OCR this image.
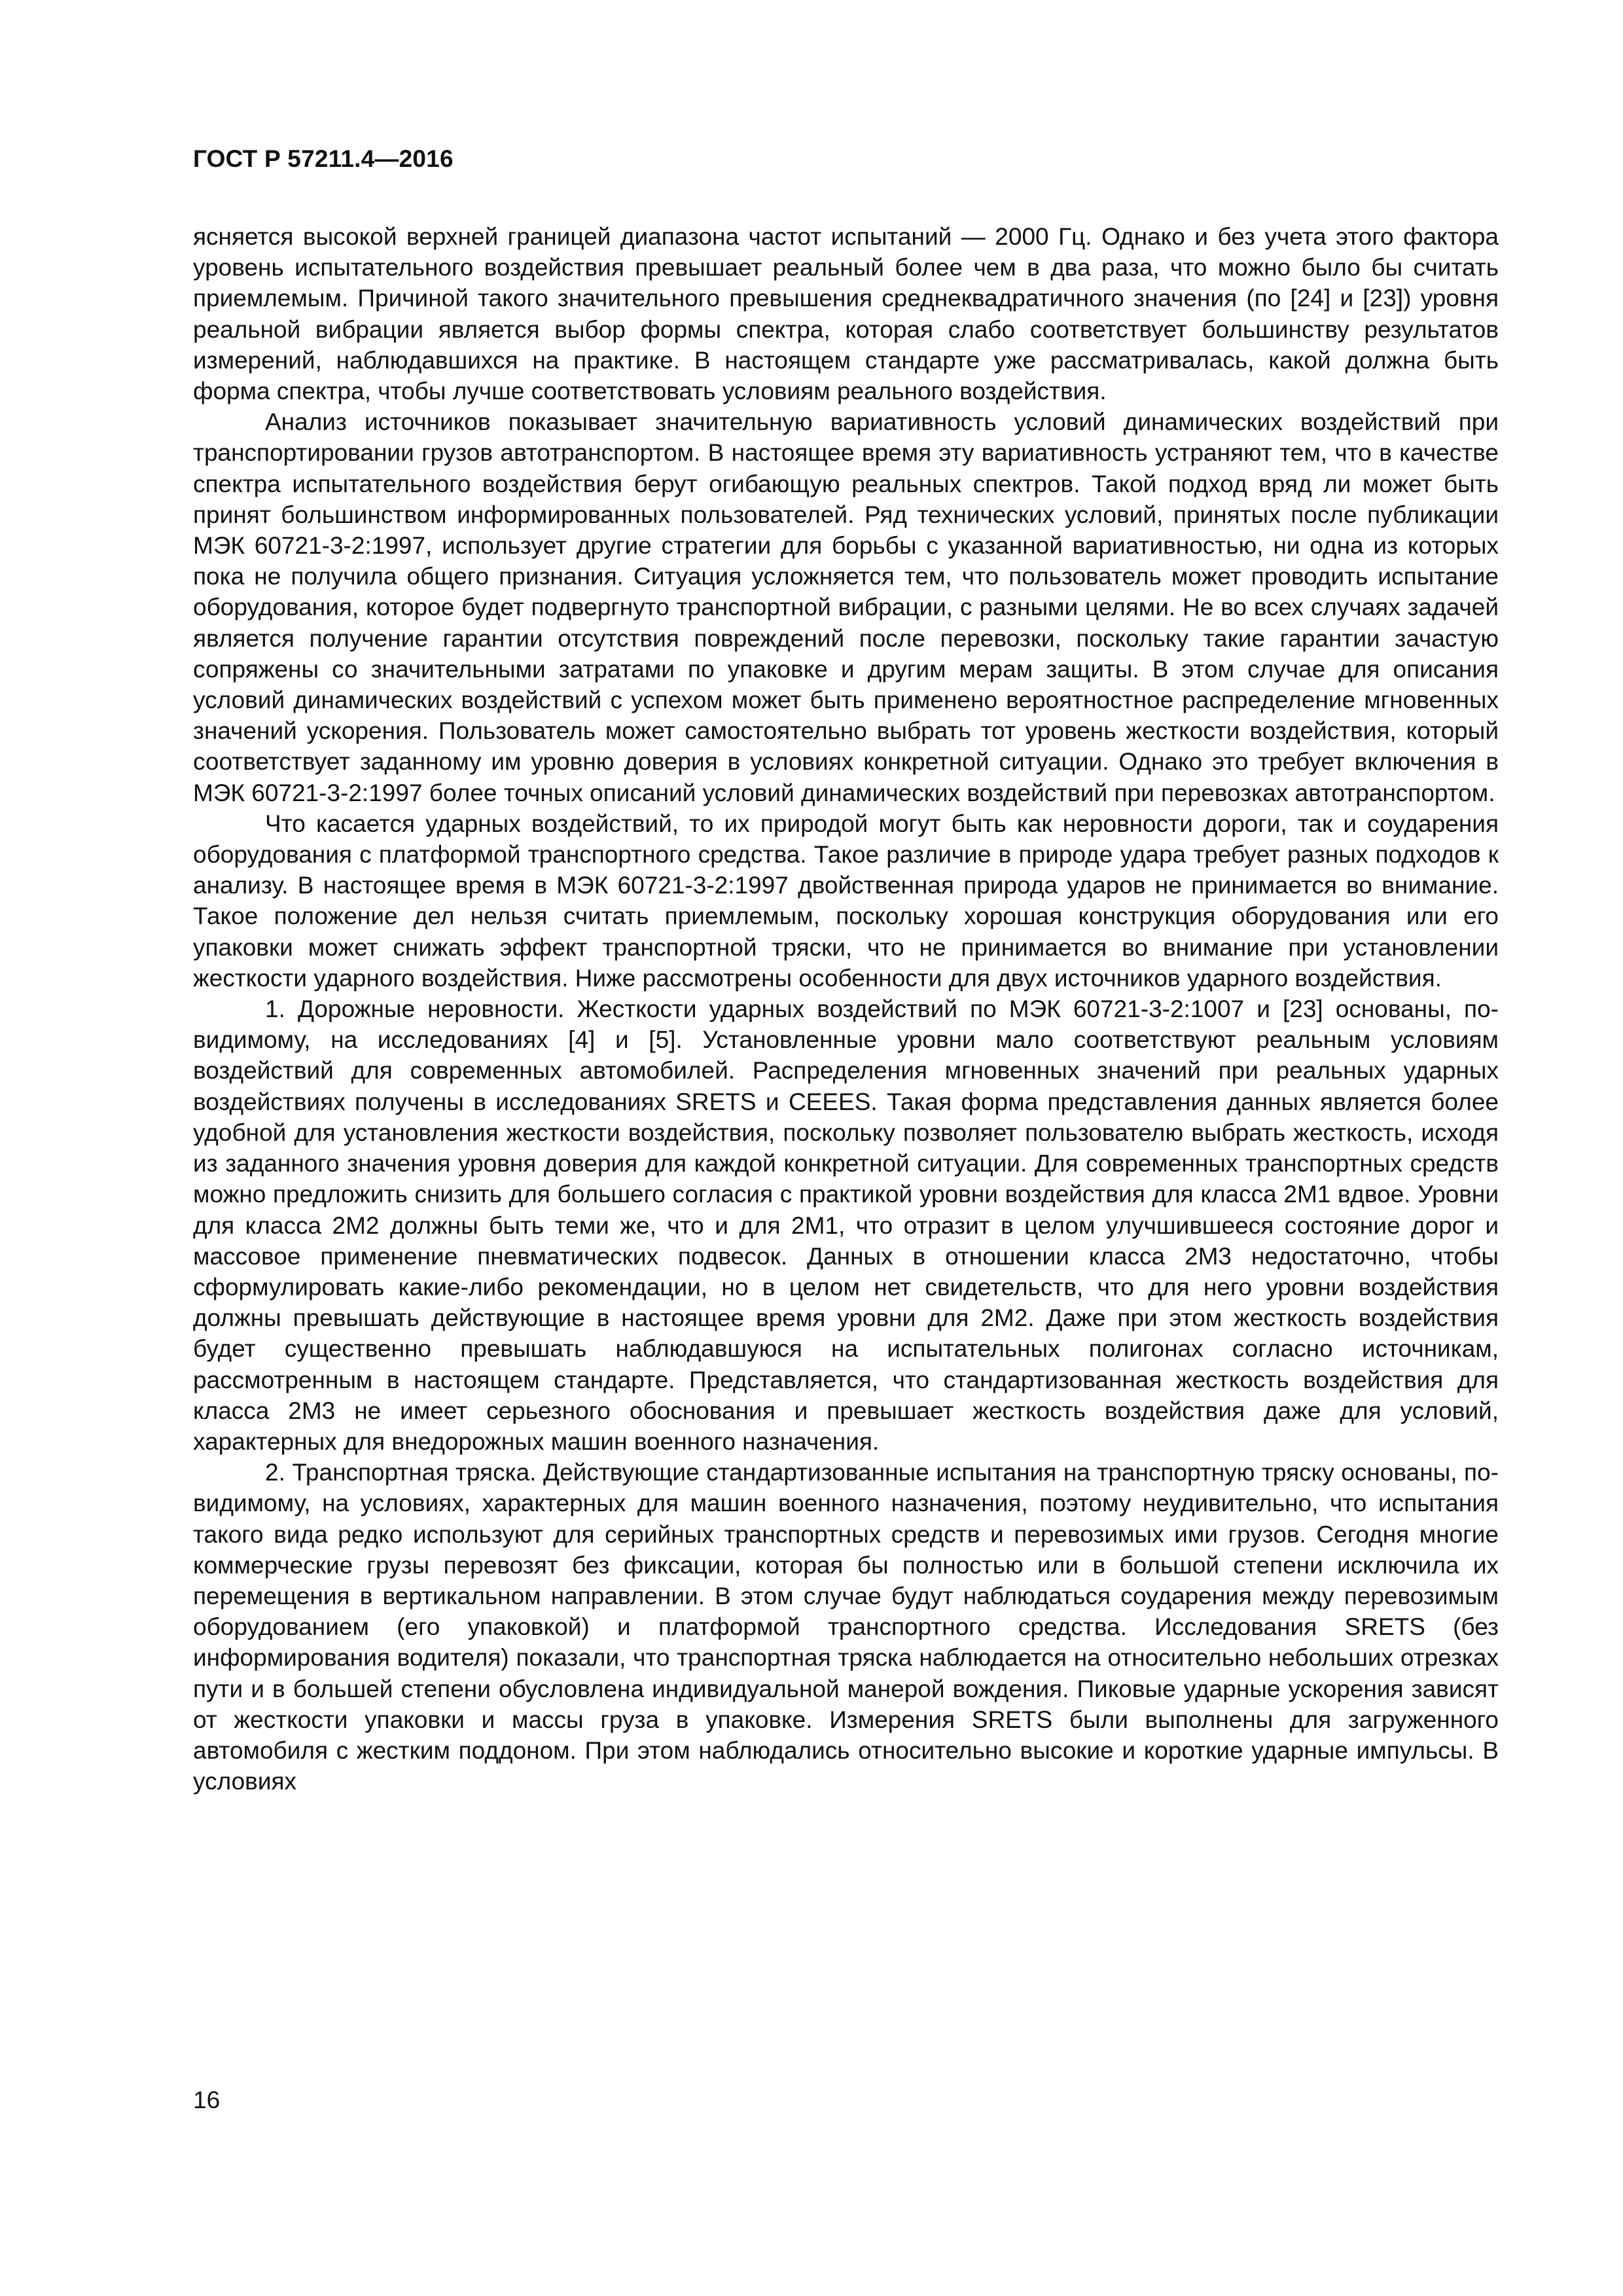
ГОСТ Р 57211.4—2016

ясняется высокой верхней границей диапазона частот испытаний — 2000 Гц. Однако и без учета этого фактора уровень испытательного воздействия превышает реальный более чем в два раза, что можно было бы считать приемлемым. Причиной такого значительного превышения среднеквадратичного значения (по [24] и [23]) уровня реальной вибрации является выбор формы спектра, которая слабо соответствует большинству результатов измерений, наблюдавшихся на практике. В настоящем стандарте уже рассматривалась, какой должна быть форма спектра, чтобы лучше соответствовать условиям реального воздействия.

Анализ источников показывает значительную вариативность условий динамических воздействий при транспортировании грузов автотранспортом. В настоящее время эту вариативность устраняют тем, что в качестве спектра испытательного воздействия берут огибающую реальных спектров. Такой подход вряд ли может быть принят большинством информированных пользователей. Ряд технических условий, принятых после публикации МЭК 60721-3-2:1997, использует другие стратегии для борьбы с указанной вариативностью, ни одна из которых пока не получила общего признания. Ситуация усложняется тем, что пользователь может проводить испытание оборудования, которое будет подвергнуто транспортной вибрации, с разными целями. Не во всех случаях задачей является получение гарантии отсутствия повреждений после перевозки, поскольку такие гарантии зачастую сопряжены со значительными затратами по упаковке и другим мерам защиты. В этом случае для описания условий динамических воздействий с успехом может быть применено вероятностное распределение мгновенных значений ускорения. Пользователь может самостоятельно выбрать тот уровень жесткости воздействия, который соответствует заданному им уровню доверия в условиях конкретной ситуации. Однако это требует включения в МЭК 60721-3-2:1997 более точных описаний условий динамических воздействий при перевозках автотранспортом.

Что касается ударных воздействий, то их природой могут быть как неровности дороги, так и соударения оборудования с платформой транспортного средства. Такое различие в природе удара требует разных подходов к анализу. В настоящее время в МЭК 60721-3-2:1997 двойственная природа ударов не принимается во внимание. Такое положение дел нельзя считать приемлемым, поскольку хорошая конструкция оборудования или его упаковки может снижать эффект транспортной тряски, что не принимается во внимание при установлении жесткости ударного воздействия. Ниже рассмотрены особенности для двух источников ударного воздействия.

1. Дорожные неровности. Жесткости ударных воздействий по МЭК 60721-3-2:1007 и [23] основаны, по-видимому, на исследованиях [4] и [5]. Установленные уровни мало соответствуют реальным условиям воздействий для современных автомобилей. Распределения мгновенных значений при реальных ударных воздействиях получены в исследованиях SRETS и CEEES. Такая форма представления данных является более удобной для установления жесткости воздействия, поскольку позволяет пользователю выбрать жесткость, исходя из заданного значения уровня доверия для каждой конкретной ситуации. Для современных транспортных средств можно предложить снизить для большего согласия с практикой уровни воздействия для класса 2М1 вдвое. Уровни для класса 2М2 должны быть теми же, что и для 2М1, что отразит в целом улучшившееся состояние дорог и массовое применение пневматических подвесок. Данных в отношении класса 2М3 недостаточно, чтобы сформулировать какие-либо рекомендации, но в целом нет свидетельств, что для него уровни воздействия должны превышать действующие в настоящее время уровни для 2М2. Даже при этом жесткость воздействия будет существенно превышать наблюдавшуюся на испытательных полигонах согласно источникам, рассмотренным в настоящем стандарте. Представляется, что стандартизованная жесткость воздействия для класса 2М3 не имеет серьезного обоснования и превышает жесткость воздействия даже для условий, характерных для внедорожных машин военного назначения.

2. Транспортная тряска. Действующие стандартизованные испытания на транспортную тряску основаны, по-видимому, на условиях, характерных для машин военного назначения, поэтому неудивительно, что испытания такого вида редко используют для серийных транспортных средств и перевозимых ими грузов. Сегодня многие коммерческие грузы перевозят без фиксации, которая бы полностью или в большой степени исключила их перемещения в вертикальном направлении. В этом случае будут наблюдаться соударения между перевозимым оборудованием (его упаковкой) и платформой транспортного средства. Исследования SRETS (без информирования водителя) показали, что транспортная тряска наблюдается на относительно небольших отрезках пути и в большей степени обусловлена индивидуальной манерой вождения. Пиковые ударные ускорения зависят от жесткости упаковки и массы груза в упаковке. Измерения SRETS были выполнены для загруженного автомобиля с жестким поддоном. При этом наблюдались относительно высокие и короткие ударные импульсы. В условиях

16
